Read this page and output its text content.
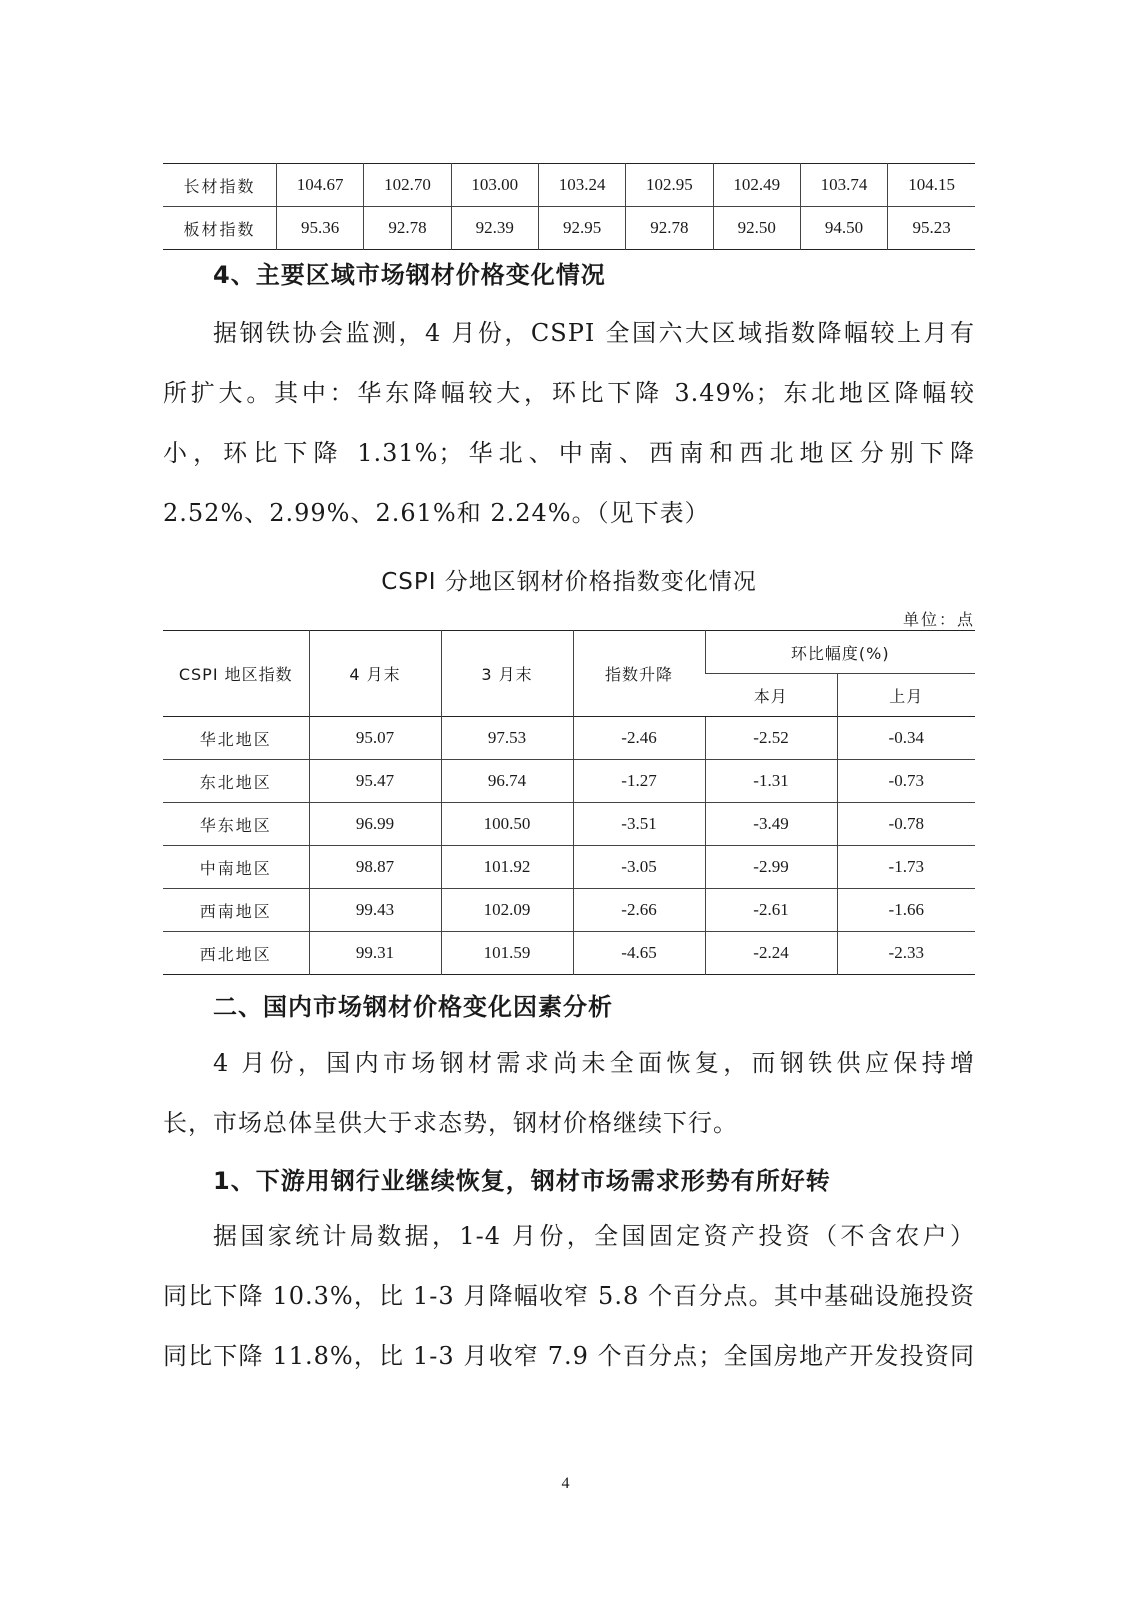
长材指数	104.67	102.70	103.00	103.24	102.95	102.49	103.74	104.15
板材指数	95.36	92.78	92.39	92.95	92.78	92.50	94.50	95.23
4、主要区域市场钢材价格变化情况
据钢铁协会监测，4 月份，CSPI 全国六大区域指数降幅较上月有
所扩大。其中：华东降幅较大，环比下降 3.49%；东北地区降幅较
小，环比下降 1.31%；华北、中南、西南和西北地区分别下降
2.52%、2.99%、2.61%和 2.24%。（见下表）
CSPI 分地区钢材价格指数变化情况
单位：点
CSPI 地区指数	4 月末	3 月末	指数升降	环比幅度(%)	
				本月	上月
华北地区	95.07	97.53	-2.46	-2.52	-0.34
东北地区	95.47	96.74	-1.27	-1.31	-0.73
华东地区	96.99	100.50	-3.51	-3.49	-0.78
中南地区	98.87	101.92	-3.05	-2.99	-1.73
西南地区	99.43	102.09	-2.66	-2.61	-1.66
西北地区	99.31	101.59	-4.65	-2.24	-2.33
二、国内市场钢材价格变化因素分析
4 月份，国内市场钢材需求尚未全面恢复，而钢铁供应保持增
长，市场总体呈供大于求态势，钢材价格继续下行。
1、下游用钢行业继续恢复，钢材市场需求形势有所好转
据国家统计局数据，1-4 月份，全国固定资产投资（不含农户）
同比下降 10.3%，比 1-3 月降幅收窄 5.8 个百分点。其中基础设施投资
同比下降 11.8%，比 1-3 月收窄 7.9 个百分点；全国房地产开发投资同
4
